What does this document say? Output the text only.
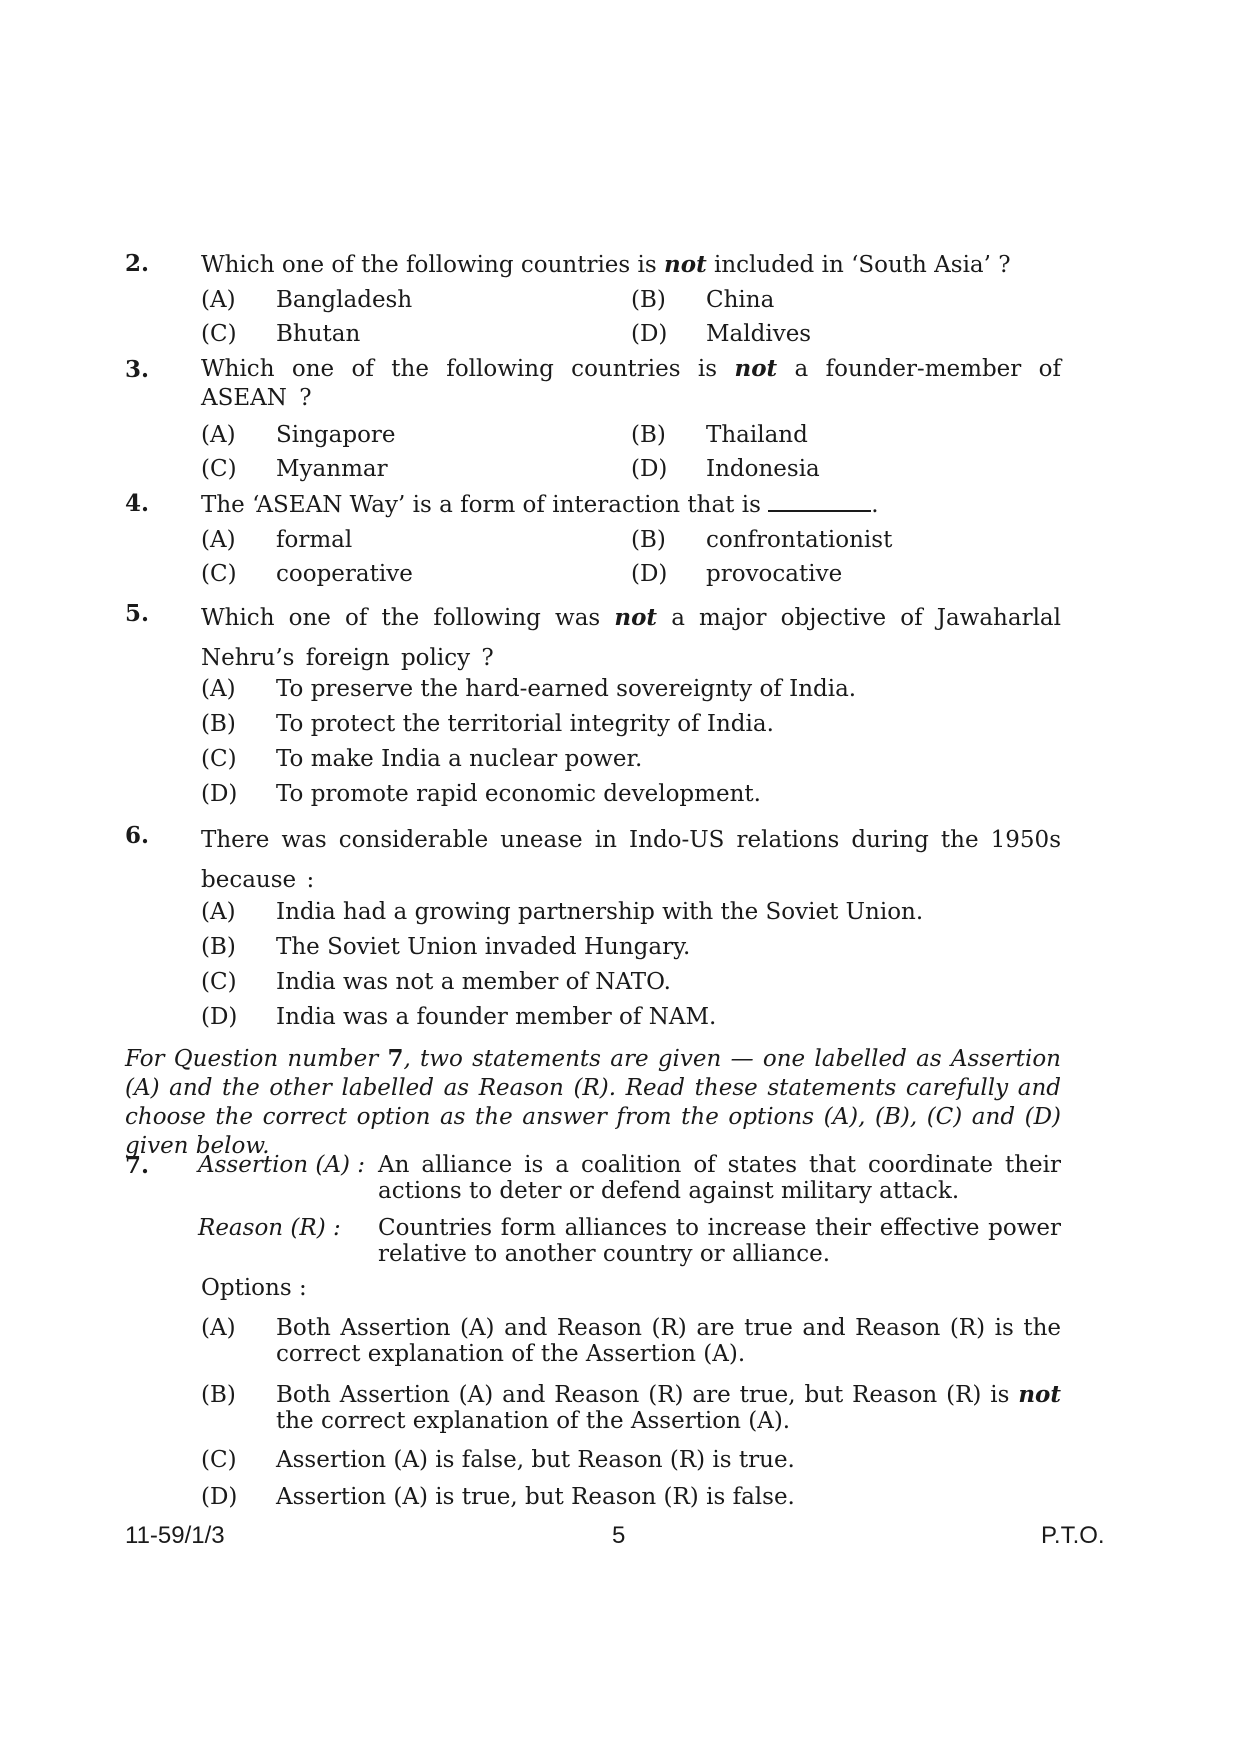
2. Which one of the following countries is not included in ‘South Asia’ ?
(A) Bangladesh	(B) China
(C) Bhutan	(D) Maldives
3. Which one of the following countries is not a founder-member of ASEAN ?
(A) Singapore	(B) Thailand
(C) Myanmar	(D) Indonesia
4. The ‘ASEAN Way’ is a form of interaction that is	.
(A) formal	(B) confrontationist
(C) cooperative	(D) provocative
5. Which one of the following was not a major objective of Jawaharlal Nehru’s foreign policy ?
(A) To preserve the hard-earned sovereignty of India.
(B) To protect the territorial integrity of India.
(C) To make India a nuclear power.
(D) To promote rapid economic development.
6. There was considerable unease in Indo-US relations during the 1950s because :
(A) India had a growing partnership with the Soviet Union.
(B) The Soviet Union invaded Hungary.
(C) India was not a member of NATO.
(D) India was a founder member of NAM.
For Question number 7, two statements are given — one labelled as Assertion (A) and the other labelled as Reason (R). Read these statements carefully and choose the correct option as the answer from the options (A), (B), (C) and (D) given below.
7. Assertion (A) : An alliance is a coalition of states that coordinate their actions to deter or defend against military attack.
Reason (R) : Countries form alliances to increase their effective power relative to another country or alliance.
Options :
(A) Both Assertion (A) and Reason (R) are true and Reason (R) is the correct explanation of the Assertion (A).
(B) Both Assertion (A) and Reason (R) are true, but Reason (R) is not the correct explanation of the Assertion (A).
(C) Assertion (A) is false, but Reason (R) is true.
(D) Assertion (A) is true, but Reason (R) is false.
11-59/1/3	5	P.T.O.
